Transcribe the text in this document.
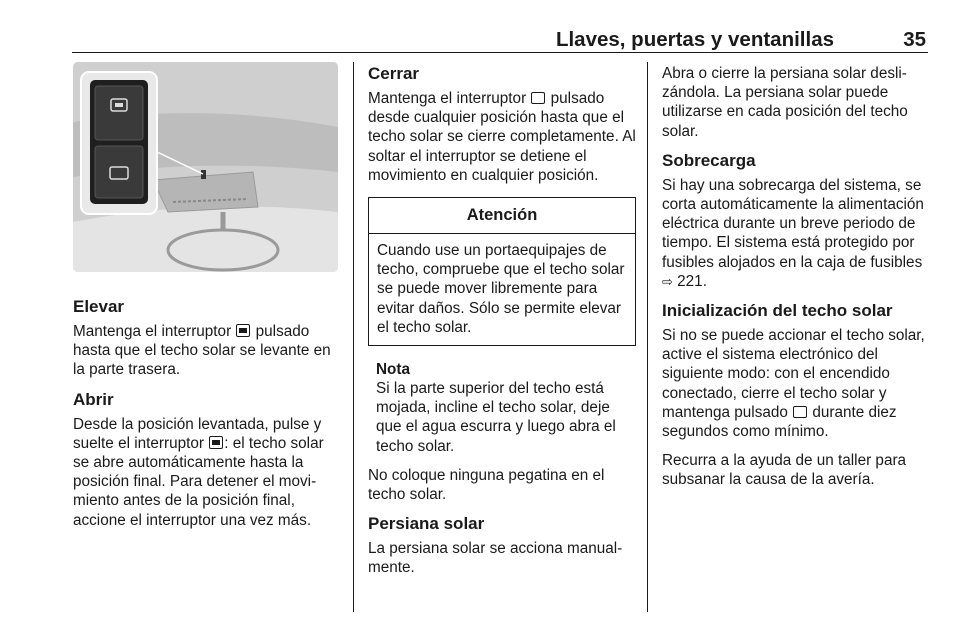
Llaves, puertas y ventanillas	35
Elevar
Mantenga el interruptor pulsado hasta que el techo solar se levante en la parte trasera.
Abrir
Desde la posición levantada, pulse y suelte el interruptor : el techo solar se abre automáticamente hasta la posición final. Para detener el movimiento antes de la posición final, accione el interruptor una vez más.
Cerrar
Mantenga el interruptor pulsado desde cualquier posición hasta que el techo solar se cierre completamente. Al soltar el interruptor se detiene el movimiento en cualquier posición.
Atención
Cuando use un portaequipajes de techo, compruebe que el techo solar se puede mover libremente para evitar daños. Sólo se permite elevar el techo solar.
Nota
Si la parte superior del techo está mojada, incline el techo solar, deje que el agua escurra y luego abra el techo solar.
No coloque ninguna pegatina en el techo solar.
Persiana solar
La persiana solar se acciona manualmente.
Abra o cierre la persiana solar deslizándola. La persiana solar puede utilizarse en cada posición del techo solar.
Sobrecarga
Si hay una sobrecarga del sistema, se corta automáticamente la alimentación eléctrica durante un breve periodo de tiempo. El sistema está protegido por fusibles alojados en la caja de fusibles ⇨ 221.
Inicialización del techo solar
Si no se puede accionar el techo solar, active el sistema electrónico del siguiente modo: con el encendido conectado, cierre el techo solar y mantenga pulsado durante diez segundos como mínimo.
Recurra a la ayuda de un taller para subsanar la causa de la avería.
